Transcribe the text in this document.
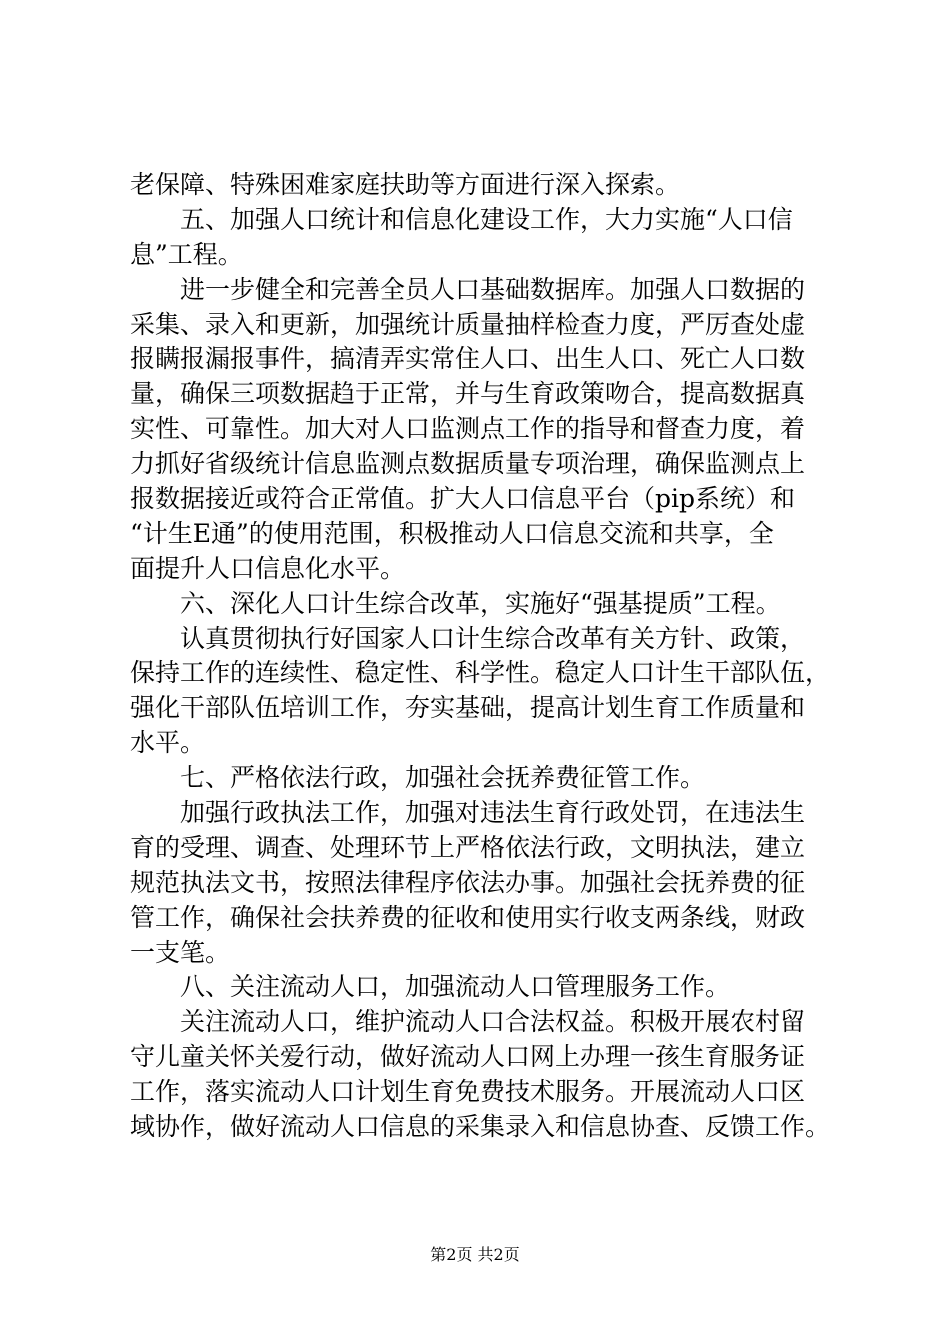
老保障、特殊困难家庭扶助等方面进行深入探索。
五、加强人口统计和信息化建设工作，大力实施“人口信
息”工程。
进一步健全和完善全员人口基础数据库。加强人口数据的
采集、录入和更新，加强统计质量抽样检查力度，严厉查处虚
报瞒报漏报事件，搞清弄实常住人口、出生人口、死亡人口数
量，确保三项数据趋于正常，并与生育政策吻合，提高数据真
实性、可靠性。加大对人口监测点工作的指导和督查力度，着
力抓好省级统计信息监测点数据质量专项治理，确保监测点上
报数据接近或符合正常值。扩大人口信息平台（pip系统）和
“计生E通”的使用范围，积极推动人口信息交流和共享，全
面提升人口信息化水平。
六、深化人口计生综合改革，实施好“强基提质”工程。
认真贯彻执行好国家人口计生综合改革有关方针、政策，
保持工作的连续性、稳定性、科学性。稳定人口计生干部队伍，
强化干部队伍培训工作，夯实基础，提高计划生育工作质量和
水平。
七、严格依法行政，加强社会抚养费征管工作。
加强行政执法工作，加强对违法生育行政处罚，在违法生
育的受理、调查、处理环节上严格依法行政，文明执法，建立
规范执法文书，按照法律程序依法办事。加强社会抚养费的征
管工作，确保社会扶养费的征收和使用实行收支两条线，财政
一支笔。
八、关注流动人口，加强流动人口管理服务工作。
关注流动人口，维护流动人口合法权益。积极开展农村留
守儿童关怀关爱行动，做好流动人口网上办理一孩生育服务证
工作，落实流动人口计划生育免费技术服务。开展流动人口区
域协作，做好流动人口信息的采集录入和信息协查、反馈工作。
第2页 共2页
